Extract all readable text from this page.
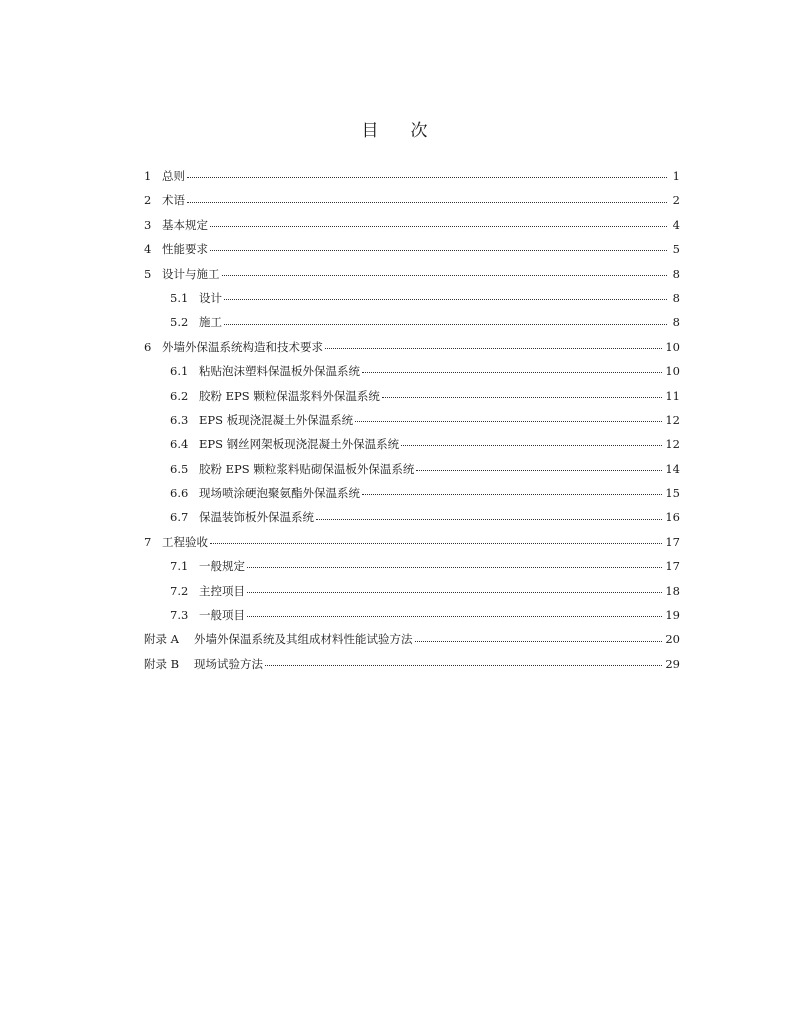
目 次
1 总则	1
2 术语	2
3 基本规定	4
4 性能要求	5
5 设计与施工	8
5.1 设计	8
5.2 施工	8
6 外墙外保温系统构造和技术要求	10
6.1 粘贴泡沫塑料保温板外保温系统	10
6.2 胶粉 EPS 颗粒保温浆料外保温系统	11
6.3 EPS 板现浇混凝土外保温系统	12
6.4 EPS 钢丝网架板现浇混凝土外保温系统	12
6.5 胶粉 EPS 颗粒浆料贴砌保温板外保温系统	14
6.6 现场喷涂硬泡聚氨酯外保温系统	15
6.7 保温装饰板外保温系统	16
7 工程验收	17
7.1 一般规定	17
7.2 主控项目	18
7.3 一般项目	19
附录 A	外墙外保温系统及其组成材料性能试验方法	20
附录 B	现场试验方法	29
